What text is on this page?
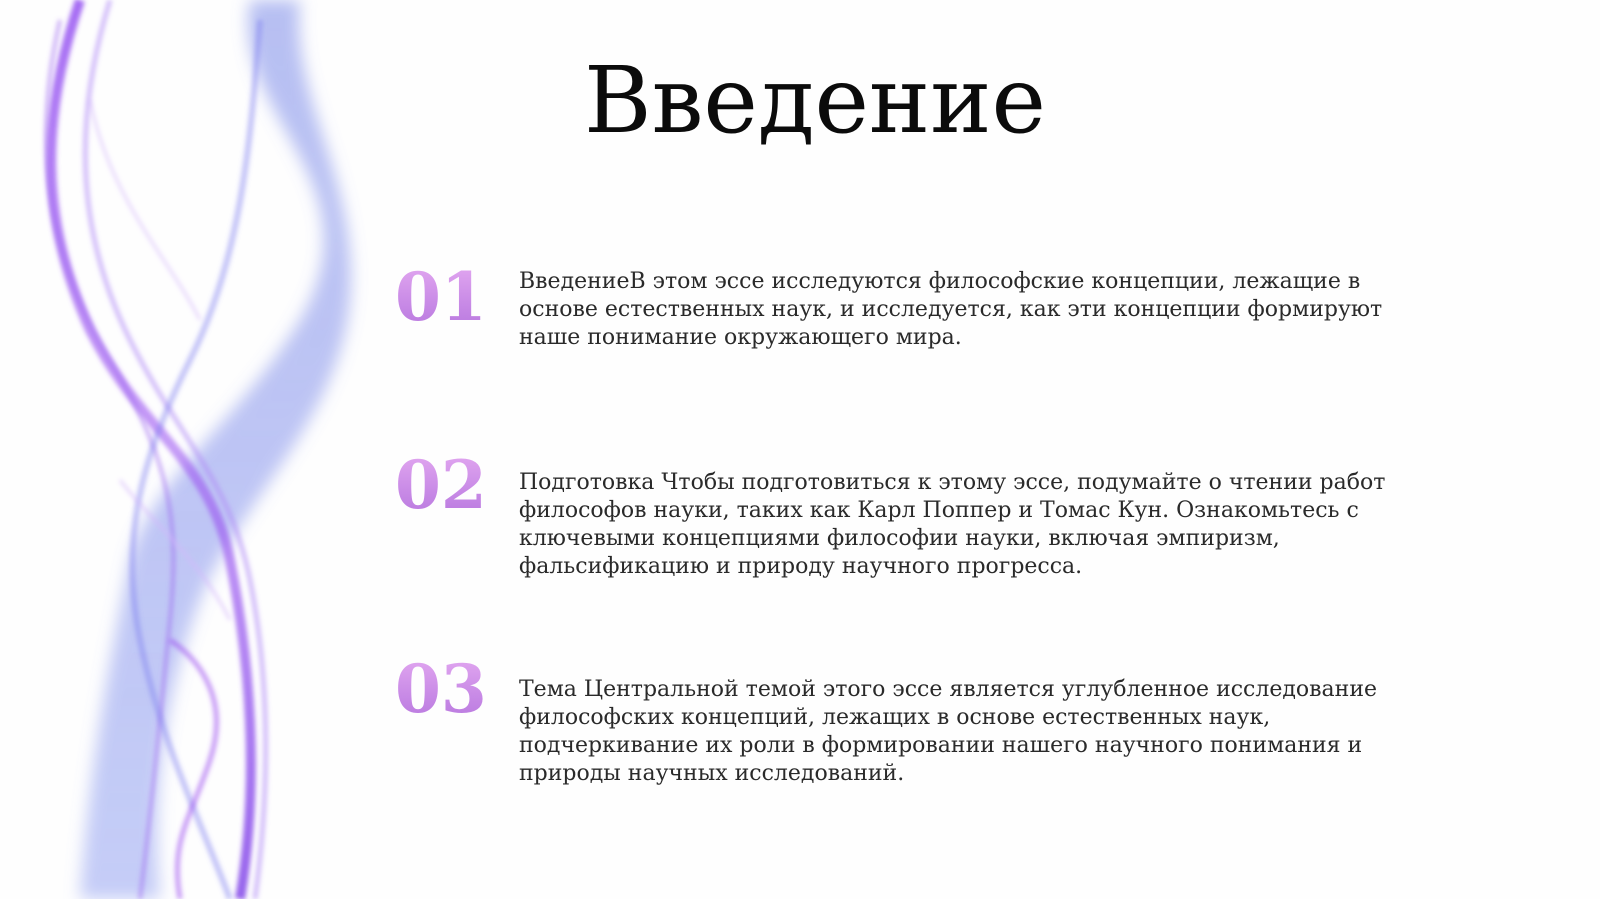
Введение
01 ВведениеВ этом эссе исследуются философские концепции, лежащие в основе естественных наук, и исследуется, как эти концепции формируют наше понимание окружающего мира.

02 Подготовка Чтобы подготовиться к этому эссе, подумайте о чтении работ философов науки, таких как Карл Поппер и Томас Кун. Ознакомьтесь с ключевыми концепциями философии науки, включая эмпиризм, фальсификацию и природу научного прогресса.

03 Тема Центральной темой этого эссе является углубленное исследование философских концепций, лежащих в основе естественных наук, подчеркивание их роли в формировании нашего научного понимания и природы научных исследований.
